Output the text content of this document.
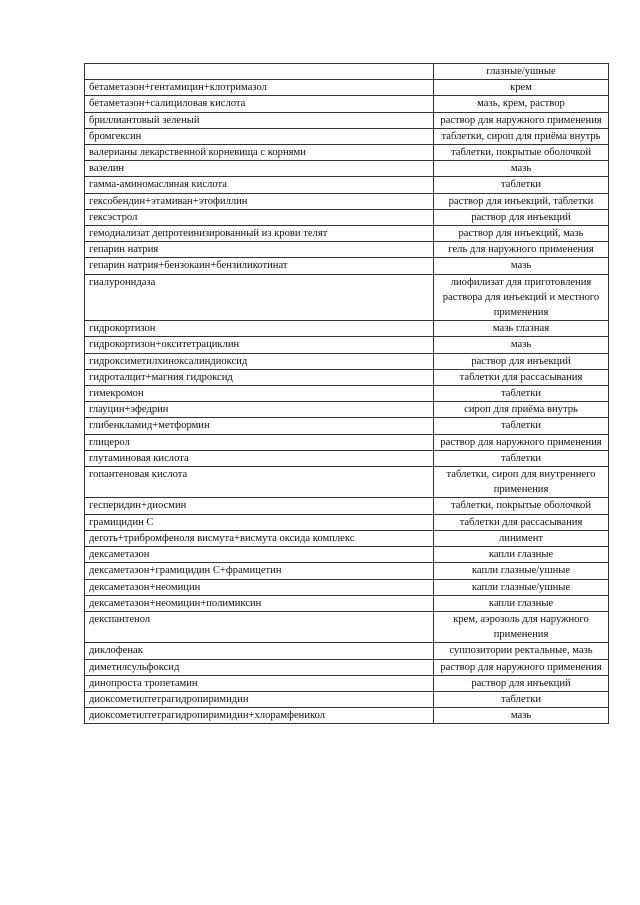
	глазные/ушные
бетаметазон+гентамицин+клотримазол	крем
бетаметазон+салициловая кислота	мазь, крем, раствор
бриллиантовый зеленый	раствор для наружного применения
бромгексин	таблетки, сироп для приёма внутрь
валерианы лекарственной корневища с корнями	таблетки, покрытые оболочкой
вазелин	мазь
гамма-аминомасляная кислота	таблетки
гексобендин+этамиван+этофиллин	раствор для инъекций, таблетки
гексэстрол	раствор для инъекций
гемодиализат депротеинизированный из крови телят	раствор для инъекций, мазь
гепарин натрия	гель для наружного применения
гепарин натрия+бензокаин+бензиликотинат	мазь
гиалуронидаза	лиофилизат для приготовления раствора для инъекций и местного применения
гидрокортизон	мазь глазная
гидрокортизон+окситетрациклин	мазь
гидроксиметилхиноксалиндиоксид	раствор для инъекций
гидроталцит+магния гидроксид	таблетки для рассасывания
гимекромон	таблетки
глауцин+эфедрин	сироп для приёма внутрь
глибенкламид+метформин	таблетки
глицерол	раствор для наружного применения
глутаминовая кислота	таблетки
гопантеновая кислота	таблетки, сироп для внутреннего применения
гесперидин+диосмин	таблетки, покрытые оболочкой
грамицидин С	таблетки для рассасывания
деготь+трибромфеноля висмута+висмута оксида комплекс	линимент
дексаметазон	капли глазные
дексаметазон+грамицидин С+фрамицетин	капли глазные/ушные
дексаметазон+неомицин	капли глазные/ушные
дексаметазон+неомицин+полимиксин	капли глазные
декспантенол	крем, аэрозоль для наружного применения
диклофенак	суппозитории ректальные, мазь
диметилсульфоксид	раствор для наружного применения
динопроста тропетамин	раствор для инъекций
диоксометилтетрагидропиримидин	таблетки
диоксометилтетрагидропиримидин+хлорамфеникол	мазь
